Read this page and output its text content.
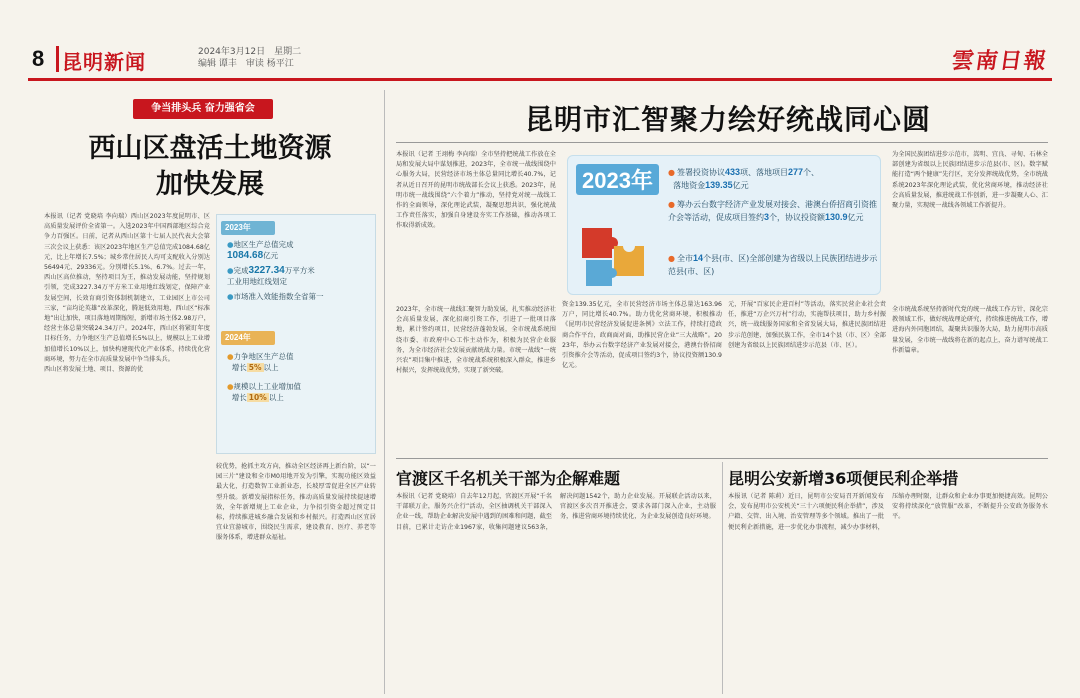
8 昆明新闻	2024年3月12日　星期二
编辑 谭丰　审读 杨平江	雲南日報
争当排头兵 奋力强省会
西山区盘活土地资源
加快发展
本报讯（记者 党晓培 李向瑞）西山区2023年度昆明市、区高质量发展评价全省第一。入选2023年中国西部地区综合竞争力百强区。日前，记者从西山区第十七届人民代表大会第三次会议上获悉：该区2023年地区生产总值完成1084.68亿元，比上年增长7.5%；城乡常住居民人均可支配收入分别达56494元、29336元。分别增长5.1%、6.7%。过去一年，西山区高位推动，坚持项目为王，推动发展动能，坚持规划引领，完成3227.34万平方米工业用地红线划定，保障产业发展空间，长效育商引资体制机制建立，工业园区上市公司三家，“亩均论英雄”改革深化，腾退低效用地，西山区“标准地”出让加快，项目落地周期缩短，新增市场主体2.98万户，经营主体总量突破24.34万户。2024年，西山区将紧盯年度目标任务，力争地区生产总值增长5%以上，规模以上工业增加值增长10%以上，加快构建现代化产业体系，持续优化营商环境，努力在全市高质量发展中争当排头兵。
西山区将发展土地、项目、资源的优
2023年
●地区生产总值完成
1084.68亿元
●完成3227.34万平方米
工业用地红线划定
●市场准入效能指数全省第一
2024年
●力争地区生产总值
增长 5% 以上
●规模以上工业增加值
增长 10% 以上
较优势，抢抓主攻方向，推动全区经济再上新台阶，以“一园三片”建设和全市M0用地开发为引擎，实现功能区效益最大化，打造数智工业新业态，长坡厚雪促进全区产业转型升级。新增发展指标任务，推动高质量发展持续提速增效，全年新增规上工业企业，力争招引资金超过预定目标，持续推进城乡融合发展和乡村振兴。打造西山区宜居宜业宜游城市，围绕民生需求，建设教育、医疗、养老等服务体系，增进群众福祉。
昆明市汇智聚力绘好统战同心圆
本报讯（记者 王翊梅 李向瑞）全市坚持把统战工作放在全局和发展大局中谋划推进，2023年，全市统一战线围绕中心服务大局，民营经济市场主体总量同比增长40.7%，记者从近日召开的昆明市统战部长会议上获悉。2023年，昆明市统一战线围绕“六个着力”推动，坚持党对统一战线工作的全面领导，深化理论武装，凝聚思想共识，强化统战工作责任落实，加强自身建设夯实工作基础，推动各项工作取得新成效。
2023年，全市统一战线汇聚智力助发展，扎实推动经济社会高质量发展，深化招商引资工作，引进了一批项目落地，累计签约项目，民营经济蓬勃发展，全市统战系统围绕市委、市政府中心工作主动作为，积极为民营企业服务，为全市经济社会发展贡献统战力量。市统一战线“一统兴农”项目集中推进，全市统战系统积极深入群众，推进乡村振兴，发挥统战优势，实现了新突破。
2023年	● 签署投资协议433项、落地项目277个、
落地资金139.35亿元
● 筹办云台数字经济产业发展对接会、港澳台侨招商引资推介会等活动，促成项目签约3个，协议投资额130.9亿元
● 全市14个县(市、区)全部创建为省级以上民族团结进步示范县(市、区)
资金139.35亿元，全市民营经济市场主体总量达163.96万户，同比增长40.7%。助力优化营商环境，积极推动《昆明市民营经济发展促进条例》立法工作，持续打造政商合作平台，政商面对面，助推民营企业“三大战略”。2023年，举办云台数字经济产业发展对接会，港澳台侨招商引资推介会等活动，促成项目签约3个，协议投资额130.9亿元。
元，开展“百家民企进百村”等活动，落实民营企业社会责任，推进“万企兴万村”行动，实施帮扶项目，助力乡村振兴，统一战线服务国家和全省发展大局，推进民族团结进步示范创建，加强民族工作，全市14个县（市、区）全部创建为省级以上民族团结进步示范县（市、区）。
为全国民族团结进步示范市，嵩明、宜良、寻甸、石林全部创建为省级以上民族团结进步示范县(市、区)。数字赋能打造“两个健康”先行区，充分发挥统战优势，全市统战系统2023年深化理论武装，优化营商环境，推动经济社会高质量发展，推进统战工作创新，进一步凝聚人心、汇聚力量，实现统一战线各领域工作新提升。
全市统战系统坚持新时代党的统一战线工作方针，深化宗教领域工作，做好统战理论研究，持续推进统战工作，增进海内外同胞团结，凝聚共识服务大局，助力昆明市高质量发展，全市统一战线将在新的起点上，奋力谱写统战工作新篇章。
官渡区千名机关干部为企解难题
本报讯（记者 党晓培）自去年12月起，官渡区开展“千名干部联万企，服务兴企行”活动，全区抽调机关干部深入企业一线，帮助企业解决发展中遇到的困难和问题，截至目前，已累计走访企业1967家，收集问题建议563条，解决问题1542个，助力企业发展。开展联企活动以来，官渡区多次召开推进会，要求各部门深入企业，主动服务，推进营商环境持续优化，为企业发展创造良好环境。
昆明公安新增36项便民利企举措
本报讯（记者 陈莉）近日，昆明市公安局召开新闻发布会，发布昆明市公安机关“三十六项便民利企举措”，涉及户籍、交管、出入境、治安管理等多个领域。推出了一批便民利企新措施，进一步优化办事流程，减少办事材料，压缩办理时限，让群众和企业办事更加便捷高效。昆明公安将持续深化“放管服”改革，不断提升公安政务服务水平。
